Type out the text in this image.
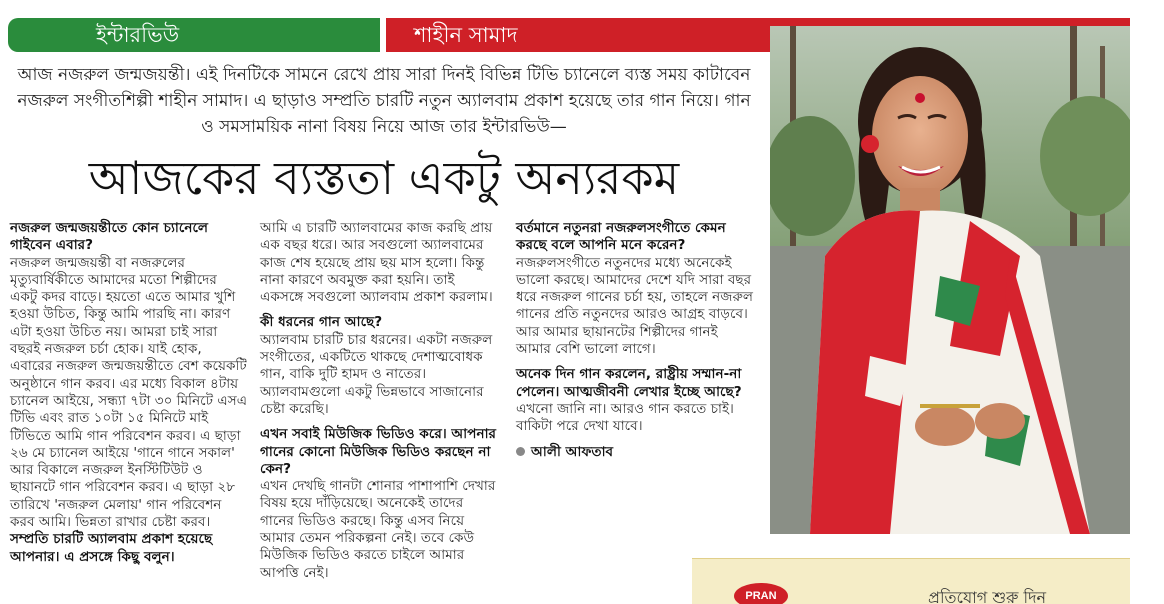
ইন্টারভিউ	শাহীন সামাদ
আজ নজরুল জন্মজয়ন্তী। এই দিনটিকে সামনে রেখে প্রায় সারা দিনই বিভিন্ন টিভি চ্যানেলে ব্যস্ত সময় কাটাবেন নজরুল সংগীতশিল্পী শাহীন সামাদ। এ ছাড়াও সম্প্রতি চারটি নতুন অ্যালবাম প্রকাশ হয়েছে তার গান নিয়ে। গান ও সমসাময়িক নানা বিষয় নিয়ে আজ তার ইন্টারভিউ—
আজকের ব্যস্ততা একটু অন্যরকম
নজরুল জন্মজয়ন্তীতে কোন চ্যানেলে গাইবেন এবার?
নজরুল জন্মজয়ন্তী বা নজরুলের মৃত্যুবার্ষিকীতে আমাদের মতো শিল্পীদের একটু কদর বাড়ে। হয়তো এতে আমার খুশি হওয়া উচিত, কিন্তু আমি পারছি না। কারণ এটা হওয়া উচিত নয়। আমরা চাই সারা বছরই নজরুল চর্চা হোক। যাই হোক, এবারের নজরুল জন্মজয়ন্তীতে বেশ কয়েকটি অনুষ্ঠানে গান করব। এর মধ্যে বিকাল ৪টায় চ্যানেল আইয়ে, সন্ধ্যা ৭টা ৩০ মিনিটে এসএ টিভি এবং রাত ১০টা ১৫ মিনিটে মাই টিভিতে আমি গান পরিবেশন করব। এ ছাড়া ২৬ মে চ্যানেল আইয়ে 'গানে গানে সকাল' আর বিকালে নজরুল ইনস্টিটিউট ও ছায়ানটে গান পরিবেশন করব। এ ছাড়া ২৮ তারিখে 'নজরুল মেলায়' গান পরিবেশন করব আমি। ভিন্নতা রাখার চেষ্টা করব।
সম্প্রতি চারটি অ্যালবাম প্রকাশ হয়েছে আপনার। এ প্রসঙ্গে কিছু বলুন।
আমি এ চারটি অ্যালবামের কাজ করছি প্রায় এক বছর ধরে। আর সবগুলো অ্যালবামের কাজ শেষ হয়েছে প্রায় ছয় মাস হলো। কিন্তু নানা কারণে অবমুক্ত করা হয়নি। তাই একসঙ্গে সবগুলো অ্যালবাম প্রকাশ করলাম।
কী ধরনের গান আছে?
অ্যালবাম চারটি চার ধরনের। একটা নজরুল সংগীতের, একটিতে থাকছে দেশাত্মবোধক গান, বাকি দুটি হামদ ও নাতের। অ্যালবামগুলো একটু ভিন্নভাবে সাজানোর চেষ্টা করেছি।
এখন সবাই মিউজিক ভিডিও করে। আপনার গানের কোনো মিউজিক ভিডিও করছেন না কেন?
এখন দেখছি গানটা শোনার পাশাপাশি দেখার বিষয় হয়ে দাঁড়িয়েছে। অনেকেই তাদের গানের ভিডিও করছে। কিন্তু এসব নিয়ে আমার তেমন পরিকল্পনা নেই। তবে কেউ মিউজিক ভিডিও করতে চাইলে আমার আপত্তি নেই।
বর্তমানে নতুনরা নজরুলসংগীতে কেমন করছে বলে আপনি মনে করেন?
নজরুলসংগীতে নতুনদের মধ্যে অনেকেই ভালো করছে। আমাদের দেশে যদি সারা বছর ধরে নজরুল গানের চর্চা হয়, তাহলে নজরুল গানের প্রতি নতুনদের আরও আগ্রহ বাড়বে। আর আমার ছায়ানটের শিল্পীদের গানই আমার বেশি ভালো লাগে।
অনেক দিন গান করলেন, রাষ্ট্রীয় সম্মান-না পেলেন। আত্মজীবনী লেখার ইচ্ছে আছে?
এখনো জানি না। আরও গান করতে চাই। বাকিটা পরে দেখা যাবে।
আলী আফতাব
PRAN	প্রতিযোগ শুরু দিন
